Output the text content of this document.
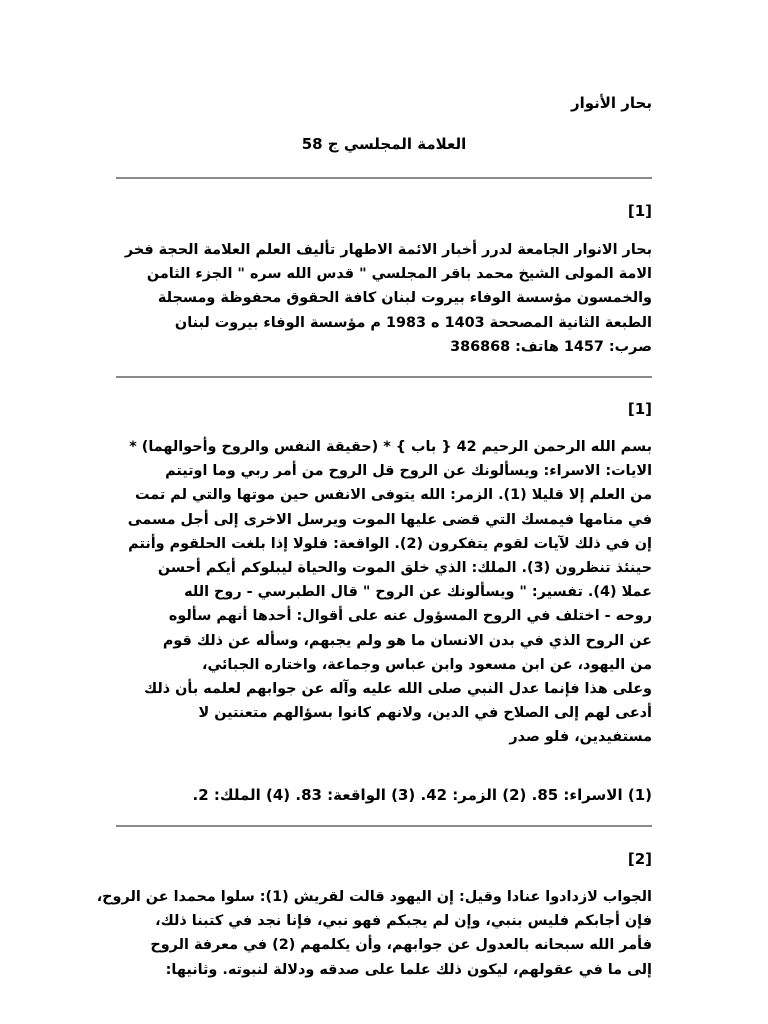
بحار الأنوار
العلامة المجلسي ج 58
[1]
بحار الانوار الجامعة لدرر أخبار الائمة الاطهار تأليف العلم العلامة الحجة فخر
الامة المولى الشيخ محمد باقر المجلسي " قدس الله سره " الجزء الثامن
والخمسون مؤسسة الوفاء بيروت لبنان كافة الحقوق محفوظة ومسجلة
الطبعة الثانية المصححة 1403 ه 1983 م مؤسسة الوفاء بيروت لبنان
صرب: 1457 هاتف: 386868
[1]
بسم الله الرحمن الرحيم 42 { باب } * (حقيقة النفس والروح وأحوالهما) *
الايات: الاسراء: ويسألونك عن الروح قل الروح من أمر ربي وما اوتيتم
من العلم إلا قليلا (1). الزمر: الله يتوفى الانفس حين موتها والتي لم تمت
في منامها فيمسك التي قضى عليها الموت ويرسل الاخرى إلى أجل مسمى
إن في ذلك لآيات لقوم يتفكرون (2). الواقعة: فلولا إذا بلغت الحلقوم وأنتم
حينئذ تنظرون (3). الملك: الذي خلق الموت والحياة ليبلوكم أيكم أحسن
عملا (4). تفسير: " ويسألونك عن الروح " قال الطبرسي - روح الله
روحه - اختلف في الروح المسؤول عنه على أقوال: أحدها أنهم سألوه
عن الروح الذي في بدن الانسان ما هو ولم يجبهم، وسأله عن ذلك قوم
من اليهود، عن ابن مسعود وابن عباس وجماعة، واختاره الجبائي،
وعلى هذا فإنما عدل النبي صلى الله عليه وآله عن جوابهم لعلمه بأن ذلك
أدعى لهم إلى الصلاح في الدين، ولانهم كانوا بسؤالهم متعنتين لا
مستفيدين، فلو صدر
(1) الاسراء: 85. (2) الزمر: 42. (3) الواقعة: 83. (4) الملك: 2.
[2]
الجواب لازدادوا عنادا وقيل: إن اليهود قالت لقريش (1): سلوا محمدا عن الروح،
فإن أجابكم فليس بنبي، وإن لم يجبكم فهو نبي، فإنا نجد في كتبنا ذلك،
فأمر الله سبحانه بالعدول عن جوابهم، وأن يكلمهم (2) في معرفة الروح
إلى ما في عقولهم، ليكون ذلك علما على صدقه ودلالة لنبوته. وثانيها:
